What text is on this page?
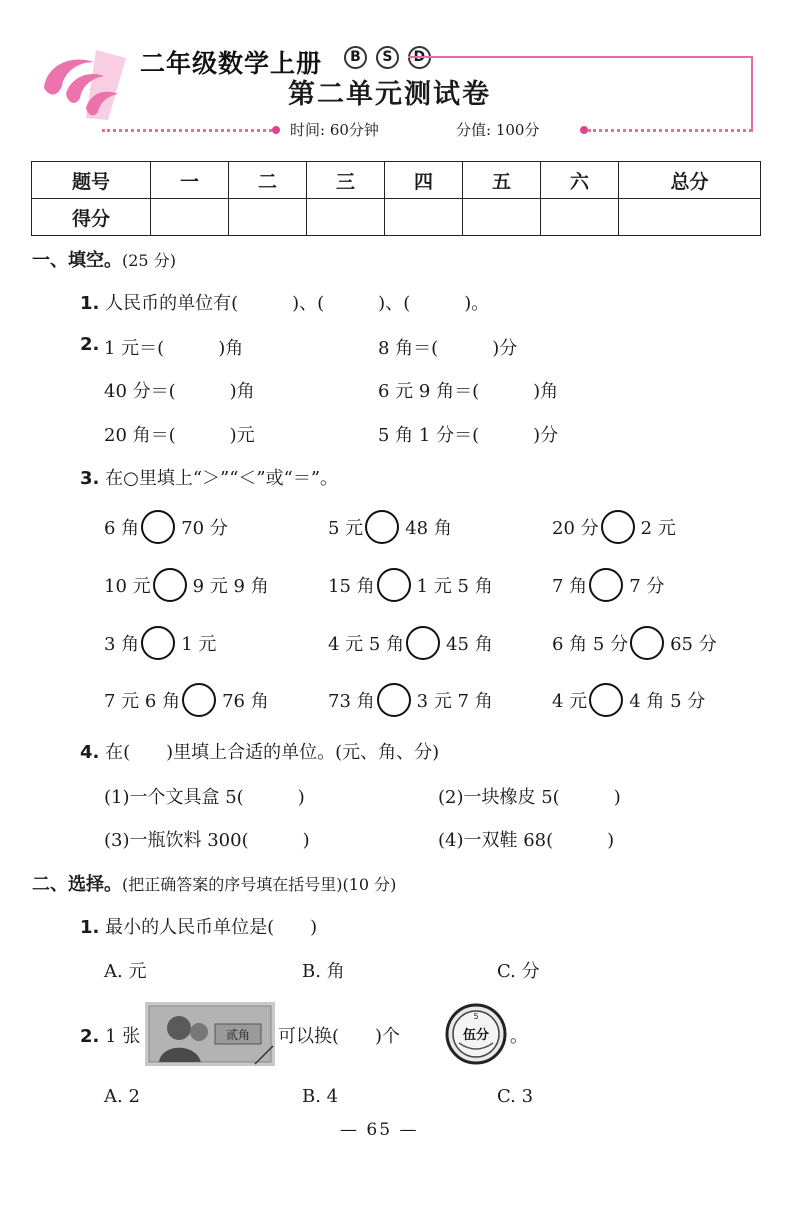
二年级数学上册	B S
第二单元测试卷
时间: 60分钟	分值: 100分
题号	一	二	三	四	五	六	总分
得分							
一、填空。(25 分)
1. 人民币的单位有(　　　)、(　　　)、(　　　)。
2. 1 元＝(　　　)角	8 角＝(　　　)分
40 分＝(　　　)角	6 元 9 角＝(　　　)角
20 角＝(　　　)元	5 角 1 分＝(　　　)分
3. 在○里填上“＞”“＜”或“＝”。
6 角 70 分	5 元 48 角	20 分 2 元
10 元 9 元 9 角	15 角 1 元 5 角	7 角 7 分
3 角 1 元	4 元 5 角 45 角	6 角 5 分 65 分
7 元 6 角 76 角	73 角 3 元 7 角	4 元 4 角 5 分
4. 在(　　)里填上合适的单位。(元、角、分)
(1)一个文具盒 5(　　　)	(2)一块橡皮 5(　　　)
(3)一瓶饮料 300(　　　)	(4)一双鞋 68(　　　)
二、选择。(把正确答案的序号填在括号里)(10 分)
1. 最小的人民币单位是(　　)
A. 元	B. 角	C. 分
2. 1 张	贰角 可以换(　　)个
5
伍分 。
A. 2	B. 4	C. 3
— 65 —
